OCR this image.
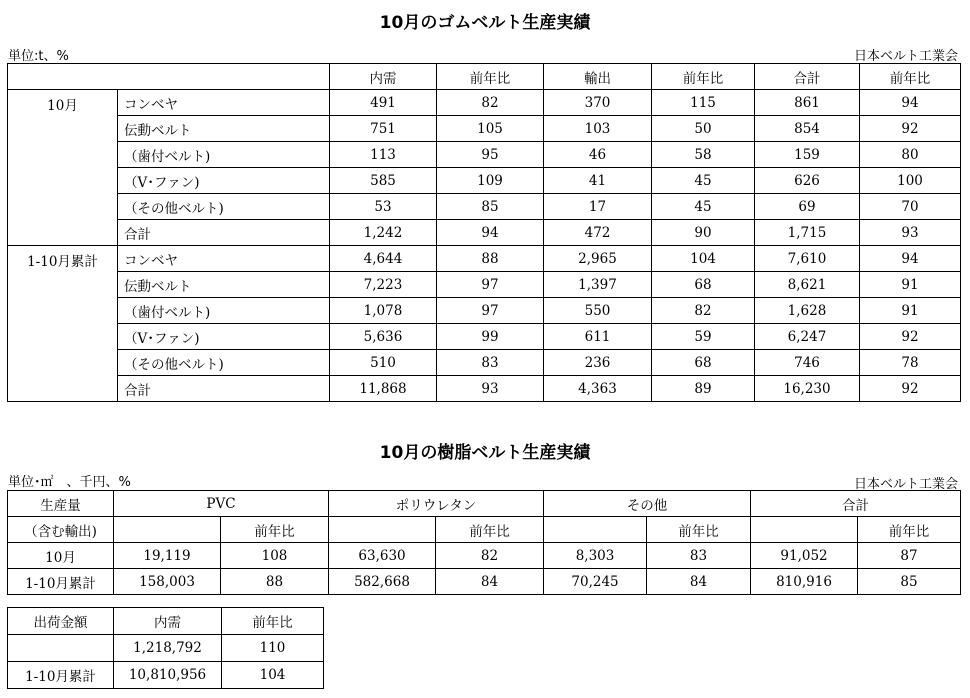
10月のゴムベルト生産実績
単位:t、%	日本ベルト工業会
		内需	前年比	輸出	前年比	合計	前年比
10月	コンベヤ	491	82	370	115	861	94
	伝動ベルト	751	105	103	50	854	92
	（歯付ベルト)	113	95	46	58	159	80
	（V･ファン)	585	109	41	45	626	100
	（その他ベルト)	53	85	17	45	69	70
	合計	1,242	94	472	90	1,715	93
1-10月累計	コンベヤ	4,644	88	2,965	104	7,610	94
	伝動ベルト	7,223	97	1,397	68	8,621	91
	（歯付ベルト)	1,078	97	550	82	1,628	91
	（V･ファン)	5,636	99	611	59	6,247	92
	（その他ベルト)	510	83	236	68	746	78
	合計	11,868	93	4,363	89	16,230	92
10月の樹脂ベルト生産実績
単位･㎡　、千円、%	日本ベルト工業会
生産量	PVC		ポリウレタン		その他		合計	
（含む輸出)		前年比		前年比		前年比		前年比
10月	19,119	108	63,630	82	8,303	83	91,052	87
1-10月累計	158,003	88	582,668	84	70,245	84	810,916	85
出荷金額	内需	前年比
	1,218,792	110
1-10月累計	10,810,956	104
